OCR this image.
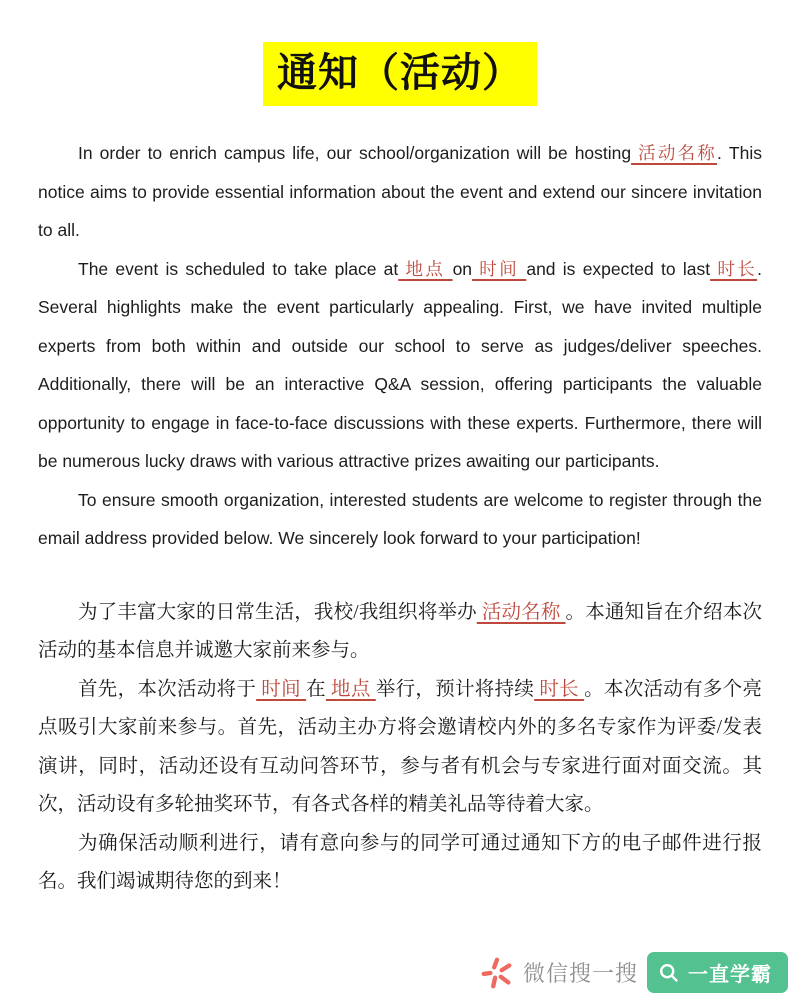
通知（活动）

In order to enrich campus life, our school/organization will be hosting 活动名称. This notice aims to provide essential information about the event and extend our sincere invitation to all.

The event is scheduled to take place at 地点 on 时间 and is expected to last 时长. Several highlights make the event particularly appealing. First, we have invited multiple experts from both within and outside our school to serve as judges/deliver speeches. Additionally, there will be an interactive Q&A session, offering participants the valuable opportunity to engage in face-to-face discussions with these experts. Furthermore, there will be numerous lucky draws with various attractive prizes awaiting our participants.

To ensure smooth organization, interested students are welcome to register through the email address provided below. We sincerely look forward to your participation!

为了丰富大家的日常生活，我校/我组织将举办 活动名称 。本通知旨在介绍本次活动的基本信息并诚邀大家前来参与。

首先，本次活动将于 时间 在 地点 举行，预计将持续 时长 。本次活动有多个亮点吸引大家前来参与。首先，活动主办方将会邀请校内外的多名专家作为评委/发表演讲，同时，活动还设有互动问答环节，参与者有机会与专家进行面对面交流。其次，活动设有多轮抽奖环节，有各式各样的精美礼品等待着大家。

为确保活动顺利进行，请有意向参与的同学可通过通知下方的电子邮件进行报名。我们竭诚期待您的到来！

微信搜一搜	一直学霸
